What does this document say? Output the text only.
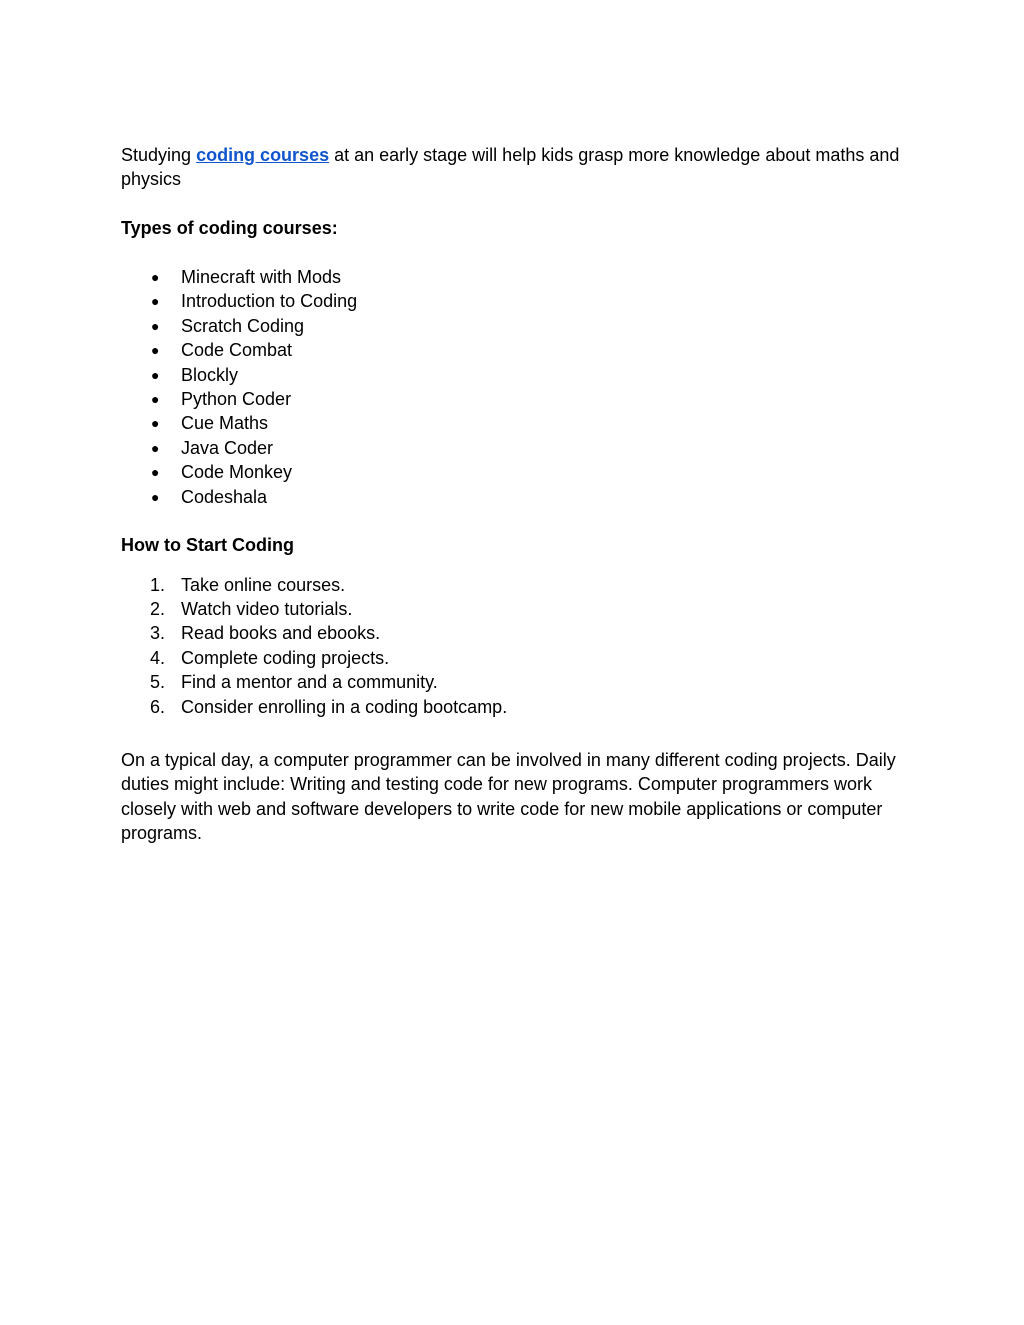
Studying coding courses at an early stage will help kids grasp more knowledge about maths and physics

Types of coding courses:

● Minecraft with Mods
● Introduction to Coding
● Scratch Coding
● Code Combat
● Blockly
● Python Coder
● Cue Maths
● Java Coder
● Code Monkey
● Codeshala

How to Start Coding

1. Take online courses.
2. Watch video tutorials.
3. Read books and ebooks.
4. Complete coding projects.
5. Find a mentor and a community.
6. Consider enrolling in a coding bootcamp.

On a typical day, a computer programmer can be involved in many different coding projects. Daily duties might include: Writing and testing code for new programs. Computer programmers work closely with web and software developers to write code for new mobile applications or computer programs.
